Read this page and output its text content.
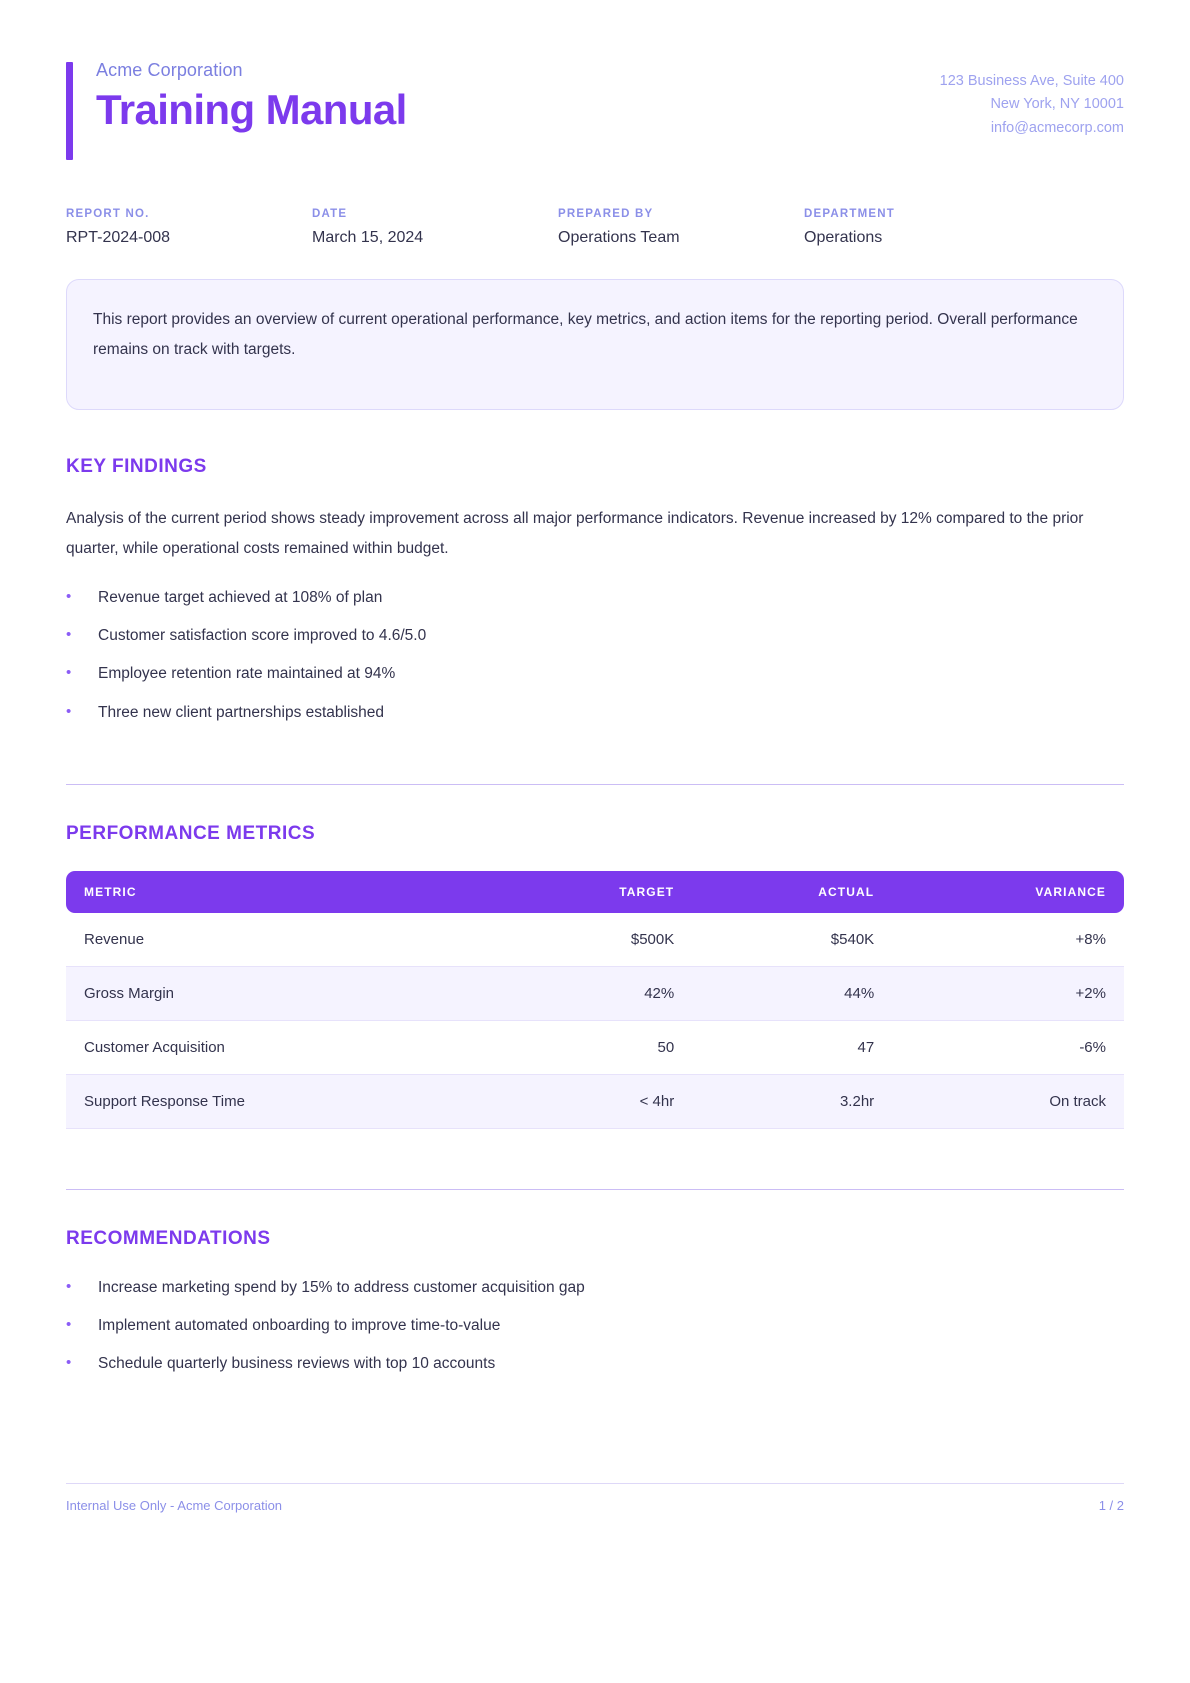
Acme Corporation
Training Manual
123 Business Ave, Suite 400
New York, NY 10001
info@acmecorp.com
REPORT NO.
RPT-2024-008
DATE
March 15, 2024
PREPARED BY
Operations Team
DEPARTMENT
Operations

This report provides an overview of current operational performance, key metrics, and action items for the reporting period. Overall performance remains on track with targets.

KEY FINDINGS

Analysis of the current period shows steady improvement across all major performance indicators. Revenue increased by 12% compared to the prior quarter, while operational costs remained within budget.

•	Revenue target achieved at 108% of plan
•	Customer satisfaction score improved to 4.6/5.0
•	Employee retention rate maintained at 94%
•	Three new client partnerships established
PERFORMANCE METRICS
METRIC	TARGET	ACTUAL	VARIANCE
Revenue	$500K	$540K	+8%
Gross Margin	42%	44%	+2%
Customer Acquisition	50	47	-6%
Support Response Time	< 4hr	3.2hr	On track
RECOMMENDATIONS
•	Increase marketing spend by 15% to address customer acquisition gap
•	Implement automated onboarding to improve time-to-value
•	Schedule quarterly business reviews with top 10 accounts
Internal Use Only - Acme Corporation	1 / 2
